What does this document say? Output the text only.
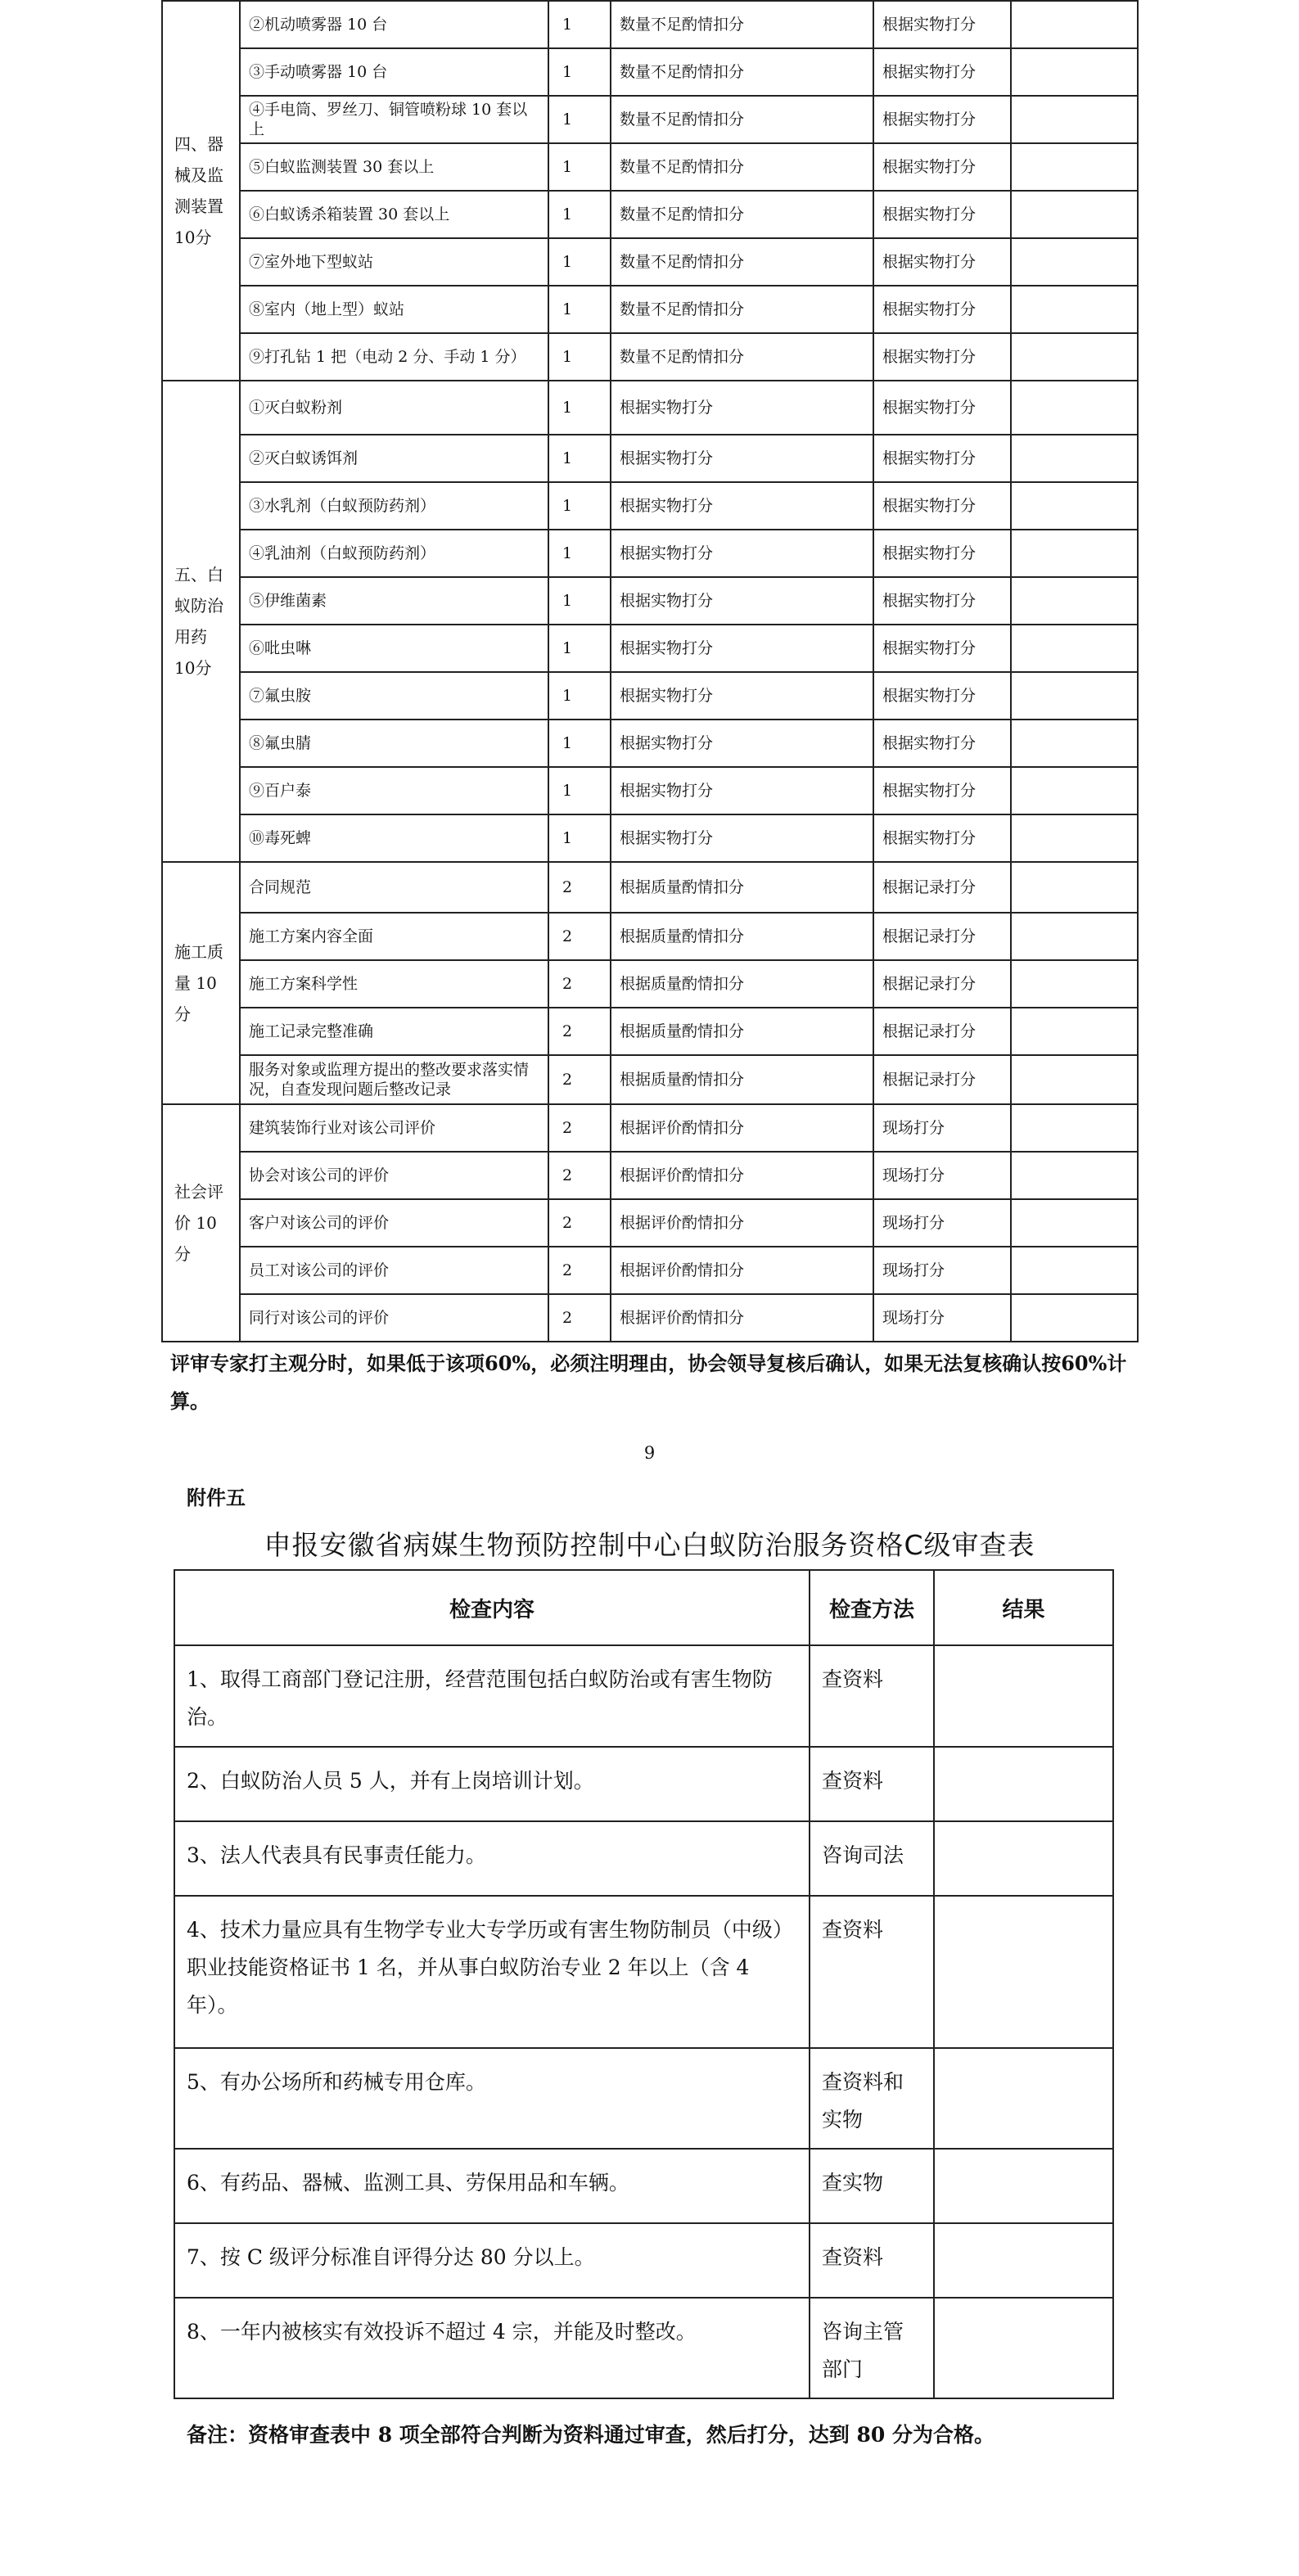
四、器械及监测装置10分	②机动喷雾器 10 台	1	数量不足酌情扣分	根据实物打分	
	③手动喷雾器 10 台	1	数量不足酌情扣分	根据实物打分	
	④手电筒、罗丝刀、铜管喷粉球 10 套以上	1	数量不足酌情扣分	根据实物打分	
	⑤白蚁监测装置 30 套以上	1	数量不足酌情扣分	根据实物打分	
	⑥白蚁诱杀箱装置 30 套以上	1	数量不足酌情扣分	根据实物打分	
	⑦室外地下型蚁站	1	数量不足酌情扣分	根据实物打分	
	⑧室内（地上型）蚁站	1	数量不足酌情扣分	根据实物打分	
	⑨打孔钻 1 把（电动 2 分、手动 1 分）	1	数量不足酌情扣分	根据实物打分	
五、白蚁防治用药10分	①灭白蚁粉剂	1	根据实物打分	根据实物打分	
	②灭白蚁诱饵剂	1	根据实物打分	根据实物打分	
	③水乳剂（白蚁预防药剂）	1	根据实物打分	根据实物打分	
	④乳油剂（白蚁预防药剂）	1	根据实物打分	根据实物打分	
	⑤伊维菌素	1	根据实物打分	根据实物打分	
	⑥吡虫啉	1	根据实物打分	根据实物打分	
	⑦氟虫胺	1	根据实物打分	根据实物打分	
	⑧氟虫腈	1	根据实物打分	根据实物打分	
	⑨百户泰	1	根据实物打分	根据实物打分	
	⑩毒死蜱	1	根据实物打分	根据实物打分	
施工质量 10分	合同规范	2	根据质量酌情扣分	根据记录打分	
	施工方案内容全面	2	根据质量酌情扣分	根据记录打分	
	施工方案科学性	2	根据质量酌情扣分	根据记录打分	
	施工记录完整准确	2	根据质量酌情扣分	根据记录打分	
	服务对象或监理方提出的整改要求落实情况，自查发现问题后整改记录	2	根据质量酌情扣分	根据记录打分	
社会评价 10分	建筑装饰行业对该公司评价	2	根据评价酌情扣分	现场打分	
	协会对该公司的评价	2	根据评价酌情扣分	现场打分	
	客户对该公司的评价	2	根据评价酌情扣分	现场打分	
	员工对该公司的评价	2	根据评价酌情扣分	现场打分	
	同行对该公司的评价	2	根据评价酌情扣分	现场打分	
评审专家打主观分时，如果低于该项60%，必须注明理由，协会领导复核后确认，如果无法复核确认按60%计算。
9
附件五
申报安徽省病媒生物预防控制中心白蚁防治服务资格C级审查表
检查内容	检查方法	结果
1、取得工商部门登记注册，经营范围包括白蚁防治或有害生物防治。	查资料	
2、白蚁防治人员 5 人，并有上岗培训计划。	查资料	
3、法人代表具有民事责任能力。	咨询司法	
4、技术力量应具有生物学专业大专学历或有害生物防制员（中级）职业技能资格证书 1 名，并从事白蚁防治专业 2 年以上（含 4 年）。	查资料	
5、有办公场所和药械专用仓库。	查资料和实物	
6、有药品、器械、监测工具、劳保用品和车辆。	查实物	
7、按 C 级评分标准自评得分达 80 分以上。	查资料	
8、一年内被核实有效投诉不超过 4 宗，并能及时整改。	咨询主管部门	
备注：资格审查表中 8 项全部符合判断为资料通过审查，然后打分，达到 80 分为合格。
